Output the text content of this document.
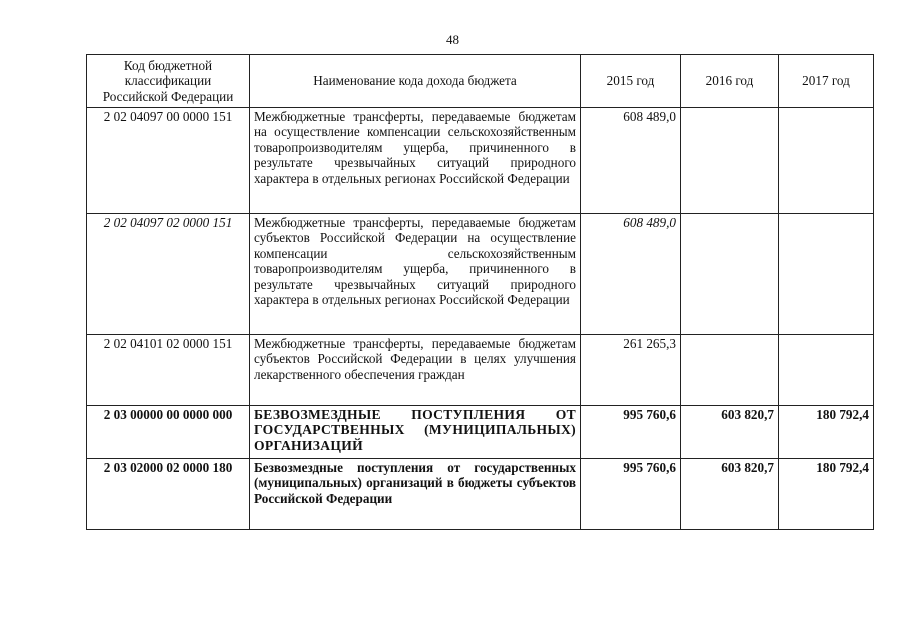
48
Код бюджетной классификации Российской Федерации	Наименование кода дохода бюджета	2015 год	2016 год	2017 год
2 02 04097 00 0000 151	Межбюджетные трансферты, передаваемые бюджетам на осуществление компенсации сельскохозяйственным товаропроизводителям ущерба, причиненного в результате чрезвычайных ситуаций природного характера в отдельных регионах Российской Федерации	608 489,0		
2 02 04097 02 0000 151	Межбюджетные трансферты, передаваемые бюджетам субъектов Российской Федерации на осуществление компенсации сельскохозяйственным товаропроизводителям ущерба, причиненного в результате чрезвычайных ситуаций природного характера в отдельных регионах Российской Федерации	608 489,0		
2 02 04101 02 0000 151	Межбюджетные трансферты, передаваемые бюджетам субъектов Российской Федерации в целях улучшения лекарственного обеспечения граждан	261 265,3		
2 03 00000 00 0000 000	БЕЗВОЗМЕЗДНЫЕ ПОСТУПЛЕНИЯ ОТ ГОСУДАРСТВЕННЫХ (МУНИЦИПАЛЬНЫХ) ОРГАНИЗАЦИЙ	995 760,6	603 820,7	180 792,4
2 03 02000 02 0000 180	Безвозмездные поступления от государственных (муниципальных) организаций в бюджеты субъектов Российской Федерации	995 760,6	603 820,7	180 792,4
